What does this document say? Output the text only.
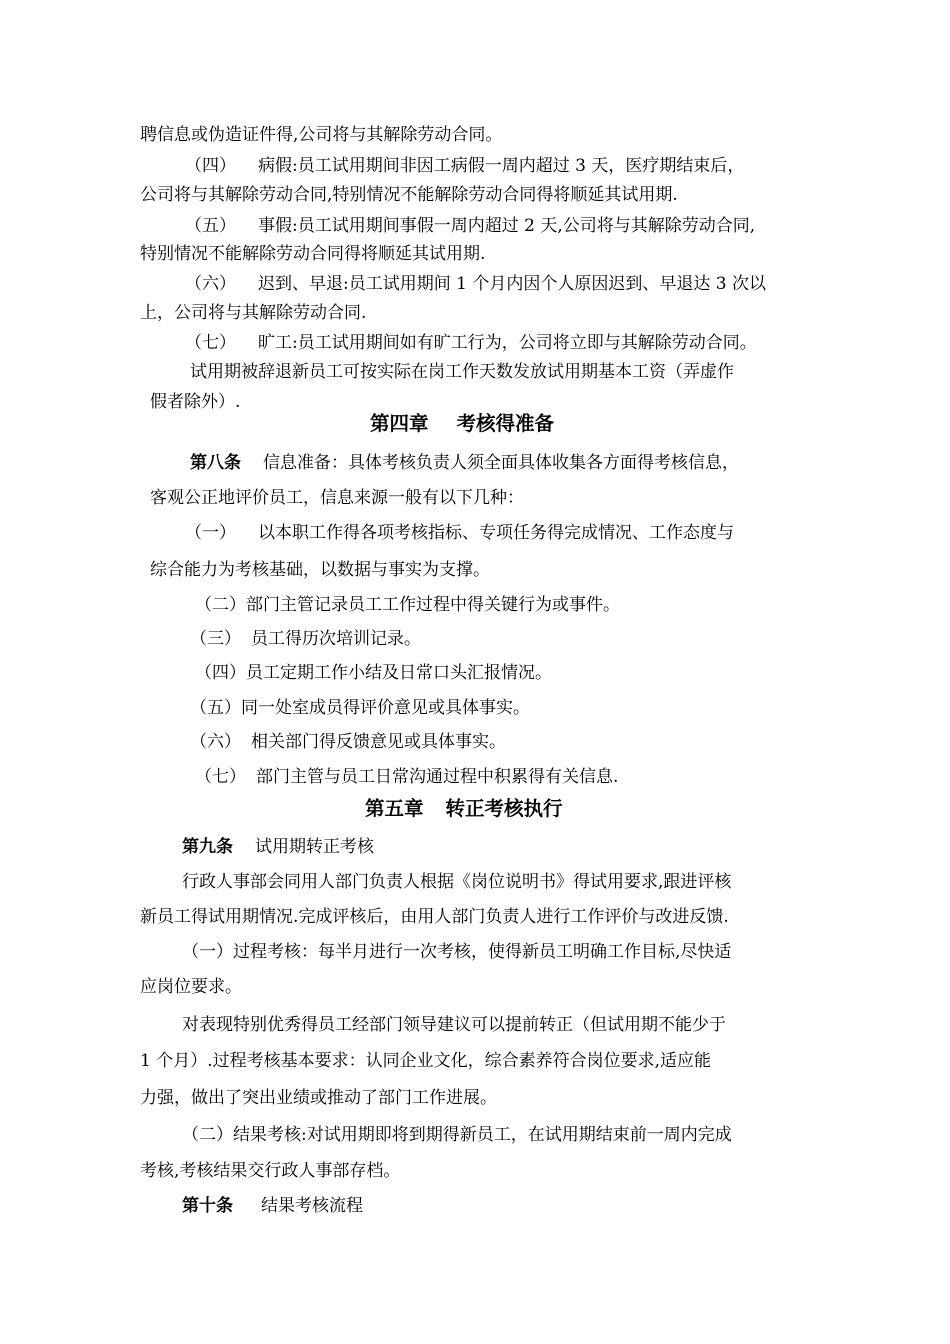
聘信息或伪造证件得,公司将与其解除劳动合同。
（四） 病假:员工试用期间非因工病假一周内超过 3 天，医疗期结束后，
公司将与其解除劳动合同,特别情况不能解除劳动合同得将顺延其试用期.
（五） 事假:员工试用期间事假一周内超过 2 天,公司将与其解除劳动合同,
特别情况不能解除劳动合同得将顺延其试用期.
（六） 迟到、早退:员工试用期间 1 个月内因个人原因迟到、早退达 3 次以
上，公司将与其解除劳动合同.
（七） 旷工:员工试用期间如有旷工行为，公司将立即与其解除劳动合同。
试用期被辞退新员工可按实际在岗工作天数发放试用期基本工资（弄虚作
假者除外）.
第四章 考核得准备
第八条 信息准备：具体考核负责人须全面具体收集各方面得考核信息，
客观公正地评价员工，信息来源一般有以下几种：
（一） 以本职工作得各项考核指标、专项任务得完成情况、工作态度与
综合能力为考核基础，以数据与事实为支撑。
（二）部门主管记录员工工作过程中得关键行为或事件。
（三） 员工得历次培训记录。
（四）员工定期工作小结及日常口头汇报情况。
（五）同一处室成员得评价意见或具体事实。
（六） 相关部门得反馈意见或具体事实。
（七） 部门主管与员工日常沟通过程中积累得有关信息.
第五章 转正考核执行
第九条 试用期转正考核
行政人事部会同用人部门负责人根据《岗位说明书》得试用要求,跟进评核
新员工得试用期情况.完成评核后，由用人部门负责人进行工作评价与改进反馈.
（一）过程考核：每半月进行一次考核，使得新员工明确工作目标,尽快适
应岗位要求。
对表现特别优秀得员工经部门领导建议可以提前转正（但试用期不能少于
1 个月）.过程考核基本要求：认同企业文化，综合素养符合岗位要求,适应能
力强，做出了突出业绩或推动了部门工作进展。
（二）结果考核:对试用期即将到期得新员工，在试用期结束前一周内完成
考核,考核结果交行政人事部存档。
第十条 结果考核流程
